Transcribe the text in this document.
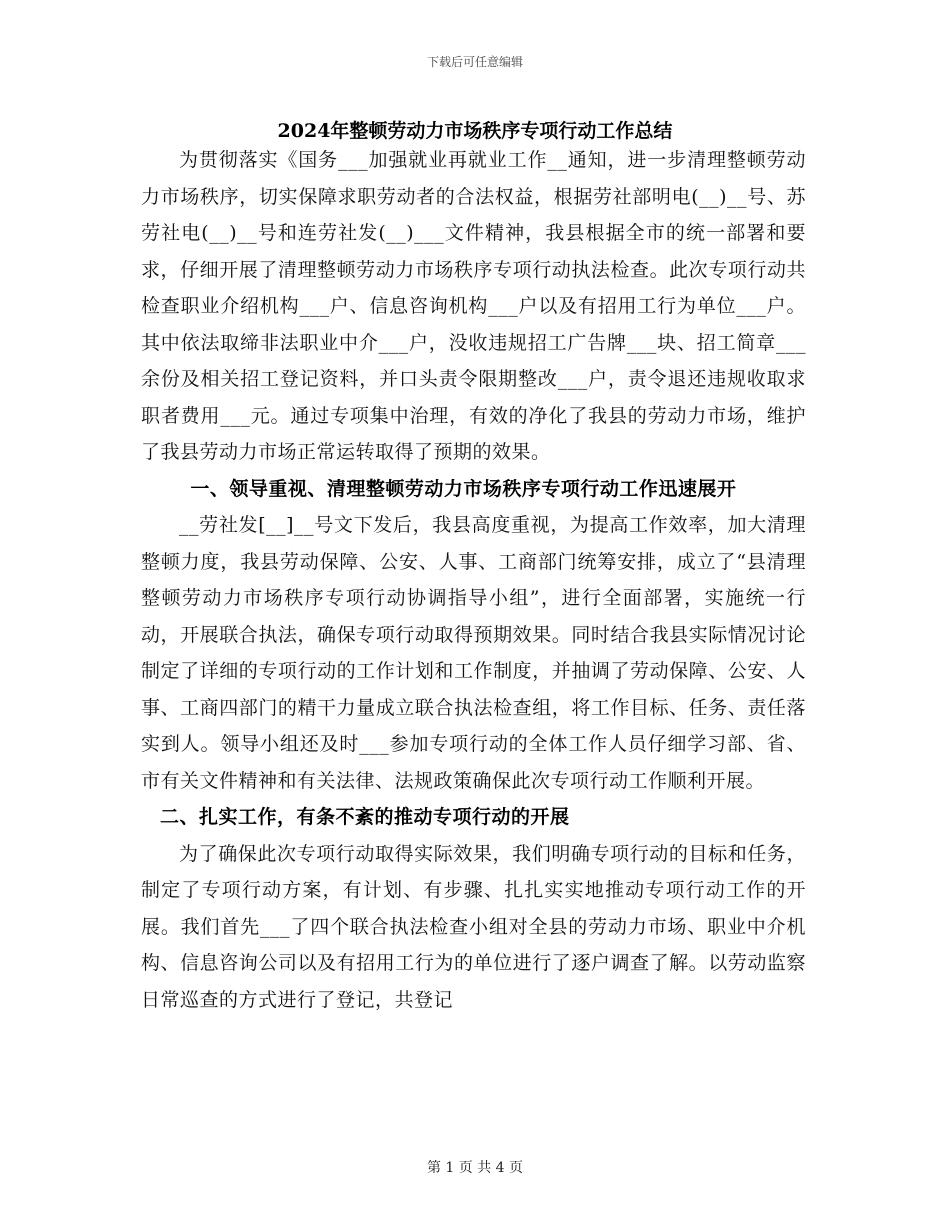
下载后可任意编辑
2024年整顿劳动力市场秩序专项行动工作总结

为贯彻落实《国务___加强就业再就业工作__通知，进一步清理整顿劳动力市场秩序，切实保障求职劳动者的合法权益，根据劳社部明电(__)__号、苏劳社电(__)__号和连劳社发(__)___文件精神，我县根据全市的统一部署和要求，仔细开展了清理整顿劳动力市场秩序专项行动执法检查。此次专项行动共检查职业介绍机构___户、信息咨询机构___户以及有招用工行为单位___户。其中依法取缔非法职业中介___户，没收违规招工广告牌___块、招工简章___余份及相关招工登记资料，并口头责令限期整改___户，责令退还违规收取求职者费用___元。通过专项集中治理，有效的净化了我县的劳动力市场，维护了我县劳动力市场正常运转取得了预期的效果。

一、领导重视、清理整顿劳动力市场秩序专项行动工作迅速展开

__劳社发[__]__号文下发后，我县高度重视，为提高工作效率，加大清理整顿力度，我县劳动保障、公安、人事、工商部门统筹安排，成立了“县清理整顿劳动力市场秩序专项行动协调指导小组”，进行全面部署，实施统一行动，开展联合执法，确保专项行动取得预期效果。同时结合我县实际情况讨论制定了详细的专项行动的工作计划和工作制度，并抽调了劳动保障、公安、人事、工商四部门的精干力量成立联合执法检查组，将工作目标、任务、责任落实到人。领导小组还及时___参加专项行动的全体工作人员仔细学习部、省、市有关文件精神和有关法律、法规政策确保此次专项行动工作顺利开展。

二、扎实工作，有条不紊的推动专项行动的开展

为了确保此次专项行动取得实际效果，我们明确专项行动的目标和任务，制定了专项行动方案，有计划、有步骤、扎扎实实地推动专项行动工作的开展。我们首先___了四个联合执法检查小组对全县的劳动力市场、职业中介机构、信息咨询公司以及有招用工行为的单位进行了逐户调查了解。以劳动监察日常巡查的方式进行了登记，共登记

第 1 页 共 4 页
